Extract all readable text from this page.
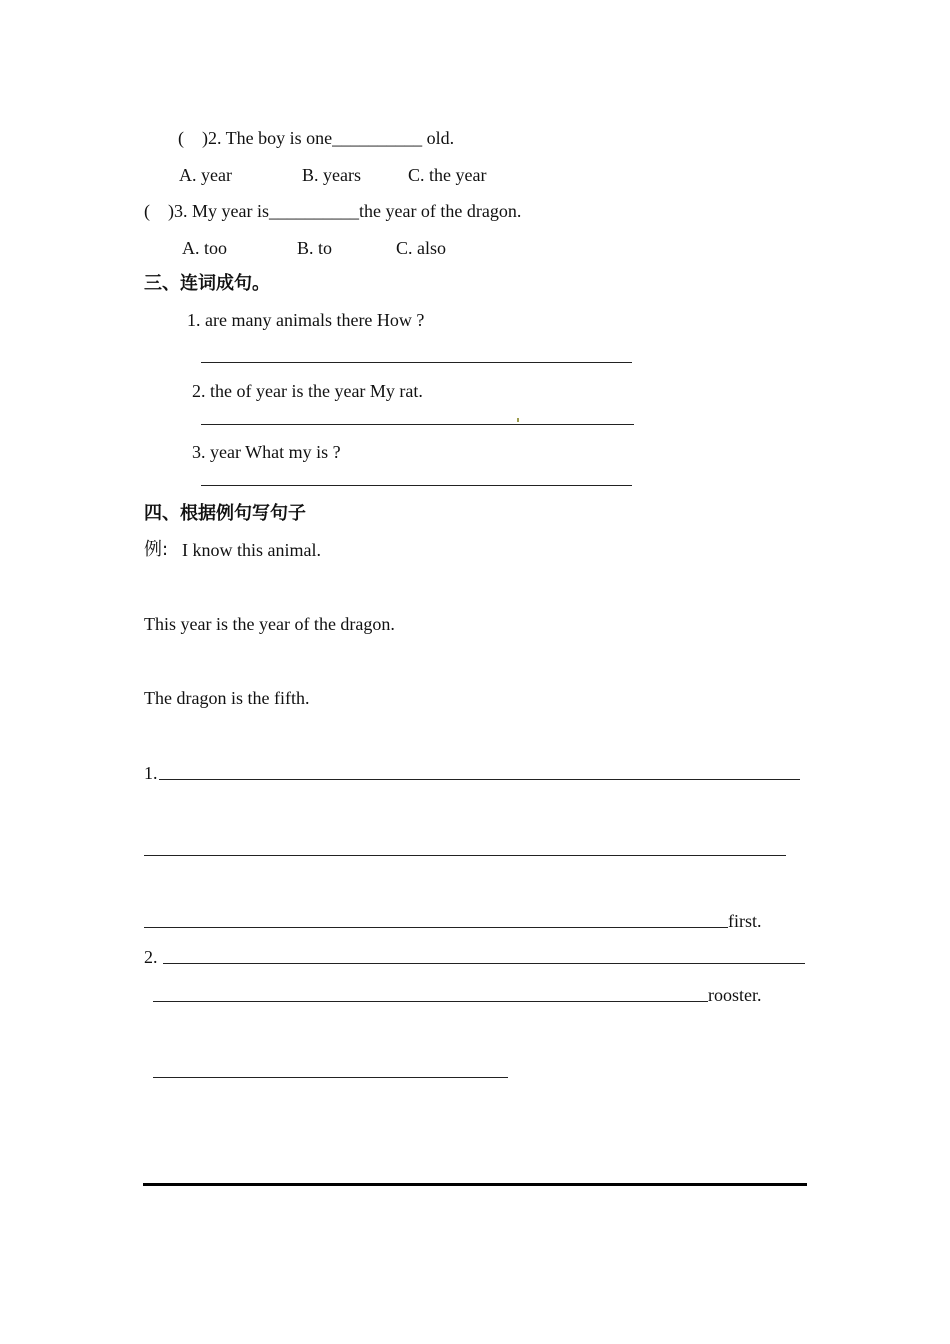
(    )2. The boy is one__________ old.
A. year	B. years	C. the year
(    )3. My year is__________the year of the dragon.
A. too	B. to	C. also
三、连词成句。
1. are many animals there How ?
2. the of year is the year My rat.
3. year What my is ?
四、根据例句写句子
例: I know this animal.
This year is the year of the dragon.
The dragon is the fifth.
1.
first.
2.
rooster.
